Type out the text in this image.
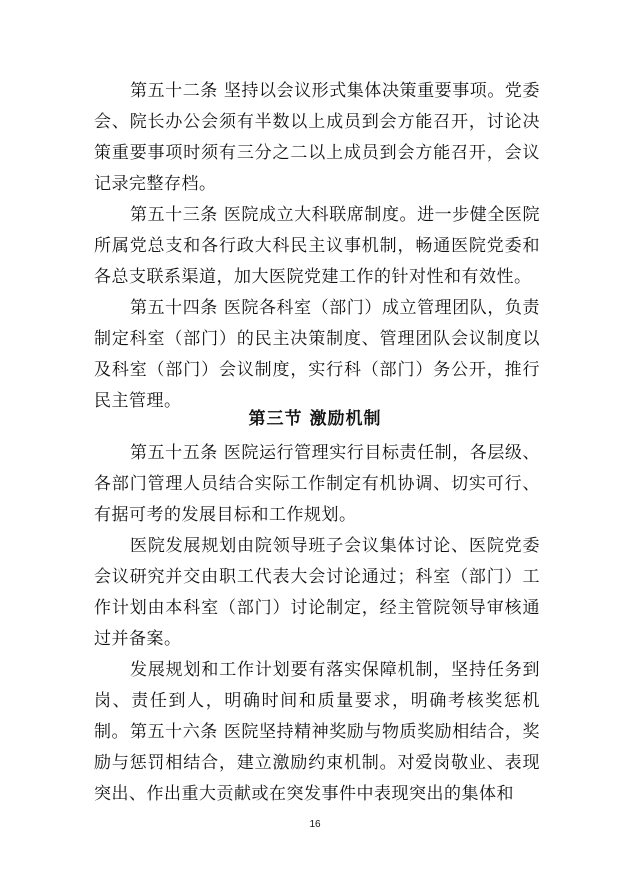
第五十二条 坚持以会议形式集体决策重要事项。党委会、院长办公会须有半数以上成员到会方能召开，讨论决策重要事项时须有三分之二以上成员到会方能召开，会议记录完整存档。

第五十三条 医院成立大科联席制度。进一步健全医院所属党总支和各行政大科民主议事机制，畅通医院党委和各总支联系渠道，加大医院党建工作的针对性和有效性。

第五十四条 医院各科室（部门）成立管理团队，负责制定科室（部门）的民主决策制度、管理团队会议制度以及科室（部门）会议制度，实行科（部门）务公开，推行民主管理。

第三节 激励机制

第五十五条 医院运行管理实行目标责任制，各层级、各部门管理人员结合实际工作制定有机协调、切实可行、有据可考的发展目标和工作规划。

医院发展规划由院领导班子会议集体讨论、医院党委会议研究并交由职工代表大会讨论通过；科室（部门）工作计划由本科室（部门）讨论制定，经主管院领导审核通过并备案。

发展规划和工作计划要有落实保障机制，坚持任务到岗、责任到人，明确时间和质量要求，明确考核奖惩机制。 第五十六条 医院坚持精神奖励与物质奖励相结合，奖励与惩罚相结合，建立激励约束机制。对爱岗敬业、表现突出、作出重大贡献或在突发事件中表现突出的集体和

16
